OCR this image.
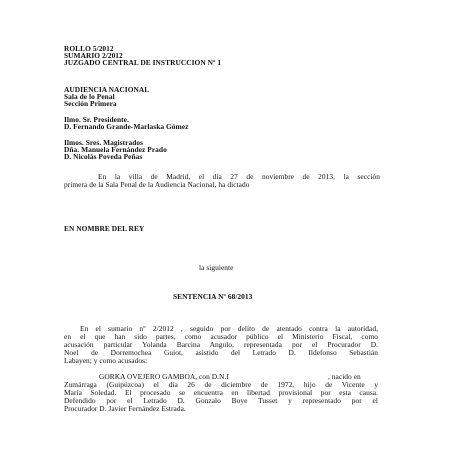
ROLLO 5/2012
SUMARIO 2/2012
JUZGADO CENTRAL DE INSTRUCCION Nº 1
AUDIENCIA NACIONAL
Sala de lo Penal
Sección Primera
Ilmo. Sr. Presidente.
D. Fernando Grande-Marlaska Gómez
Ilmos. Sres. Magistrados
Dña. Manuela Fernández Prado
D. Nicolás Poveda Peñas
En la villa de Madrid, el día 27 de noviembre de 2013, la sección
primera de la Sala Penal de la Audiencia Nacional, ha dictado
EN NOMBRE DEL REY
la siguiente
SENTENCIA Nº 68/2013
En el sumario nº 2/2012 , seguido por delito de atentado contra la autoridad,
en el que han sido partes, como acusador público el Ministerio Fiscal, como
acusación particular Yolanda Barcina Angulo, representada por el Procurador D.
Noel de Dorremochea Guiot, asistido del Letrado D. Ildefonso Sebastián
Labayen; y como acusados:
GORKA OVEJERO GAMBOA, con D.N.I	, nacido en
Zumárraga (Guipúzcoa) el día 26 de diciembre de 1972, hijo de Vicente y
María Soledad. El procesado se encuentra en libertad provisional por esta causa.
Defendido por el Letrado D. Gonzalo Boye Tusset y representado por el
Procurador D. Javier Fernández Estrada.
